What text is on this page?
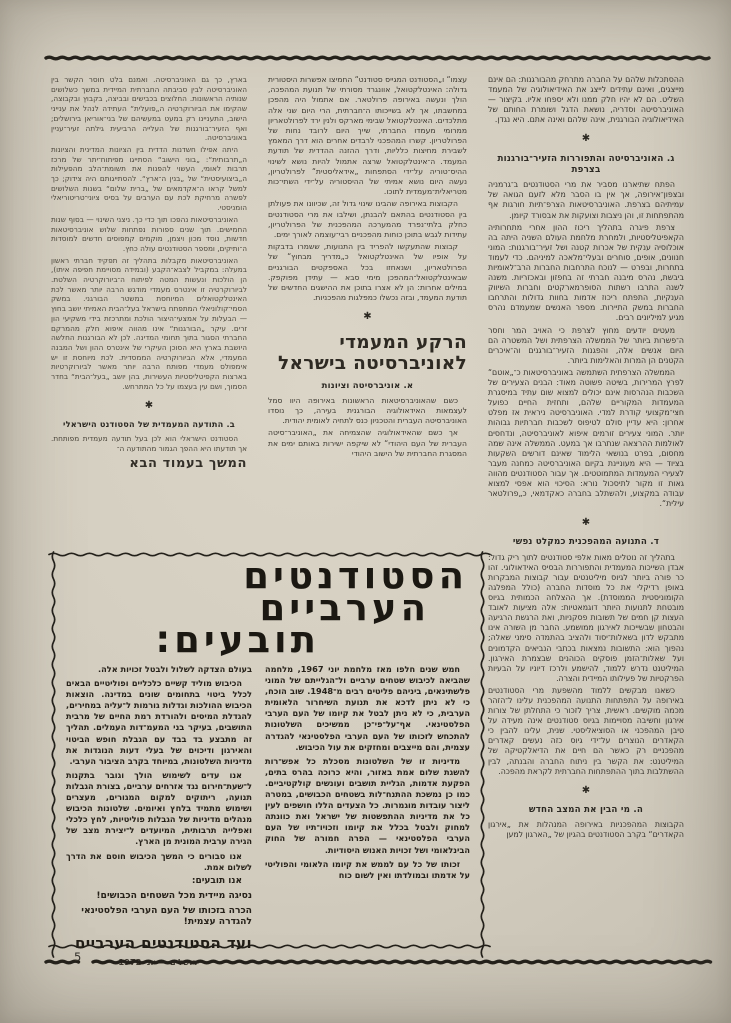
ההסתכלות שלהם על החברה מתרחק מהבורגנות: הם אינם מייצגים, ואינם עתידים לייצג את האידיאולוגיה של המעמד השליט. הם לא יהיו חלק ממנו ולא יספחו אליו. בקיצור — האוניברסיטה וסדריה, נושאת הדגל ושומרת החותם של האידיאולוגיה הבורגנית, אינה שלהם ואינה אתם. היא נגדן.

✱
ג. האוניברסיטה והתפוררות הזעיר־בורגנות בצרפת

הפתח שתיארנו מסביר את מרי הסטודנטים ב־גרמניה ובצפון־אירופה, אך אין בו הסבר מלא לזעם הגואה של עמיתיהם בצרפת. האוניברסיטאות הצרפ־תיות חורגות אף מהתפתחות זו, והן ניצבות וצועקות את אבסורד קיומן.

צרפת פיגרה בתהליך ריכוז ההון אחרי מתחרותיה הקאפיטליסטיות, ולמחרת מלחמת העולם השניה היתה בה אוכלוסיה ענקית של אכרות קטנה ושל זעיר־בורגנות: המוני חנוונים, אופים, סוחרים ובעלי־מלאכה למיניהם. כדי לעמוד בתחרות, ובפרט — לנוכח התרחבות החברות הרב־לאומיות ביבשת, נהרס מיבנה חברתי זה בחפזון ובאכזריות. משנה לשנה התרבו רשתות הסופרמארקטים וחברות השיווק הענקיות, התפתח ריכוז אדמות בחוות גדולות והתרחבו החברות במשק התיירות. מספר האנשים שמעמדם נהרס מגיע למיליונים רבים.

מעטים יודעים מחוץ לצרפת כי האויב המר וחסר ה־פשרות ביותר של הממשלה הצרפתית ושל המשטרה הם היום אנשים אלה, והפגנות הזעיר־בורגנים וה־איכרים הקטנים הן המרות והאלימות ביותר.

הממשלה הצרפתית השתמשה באוניברסיטאות כ־„אוטם“ לפרץ המרירות, בשיטה פשוטה מאוד: הבנים הצעירים של השכבות הנהרסות אינם יכולים למצוא שום עתיד במיסגרת המעמדות המקוריים שלהם, ותחזית החיים כפועל חצי־מקצועי קודרת למדי. האוניברסיטה ניראית אז מפלט אחרון: היא עדיין סולם לטיפוס לשכבות חברתיות גבוהות יותר. המוני צעירים זורמים איפוא לאוניברסיטה, ונדחסים לאולמות ההרצאה שנתרבו אך במעט. הממשלה אינה שמה מחסום, בפרט בנושאי הלימוד שאינם דורשים השקעות בציוד — היא מעוניינת בקיום האוניברסיטה כמחנה מעבר לצעירי המעמדות המתמוטטים. אך עבור הסטודנטים מהווה גאות זו מקור לתיסכול נורא: הסיכוי הוא אפסי למצוא עבודה במקצוע, ולהשתלב בחברה כאקדמאי, כ„פרולטאר עילית“.

✱
ד. התנועה המהפכנית כמקלט נפשי

בתהליך זה נוטלים מאות אלפי סטודנטים לתוך ריק גדול: אבדן השייכות המעמדית והתפוררות הבסיס האידאולוגי. זהו כר פורה ביותר לגיוס מיליטנטים עבור קבוצות המבקרות באופן רדיקלי את כל מוסדות החברה (כולל המפלגה הקומוניסטית הממוסדת). אך ההצלחה הכמותית בגיוס מובטחת לתנועות היותר דוגמאטיות: אלה מציעות לאובד העצות קן חמים של תשובות פסקניות, ואת הרגשת הרגיעה והבטחון שבשייכות לאירגון ממושמע. החבר מן השורה אינו מתבקש לדון בשאלות־יסוד ולהציב בהתמדה סימני שאלה; נהפוך הוא: התשובות נמצאות בכתבי הנביאים הקדמונים ועל שאלות־הזמן פוסקים הכוהנים שבצמרת האירגון. המיליטנט נדרש ללמוד, להישמע ולרכז דיוניו על הבעיות הפרקטיות של פעילותו המיידית והצרה.

כשאנו מבקשים ללמוד מהשפעת מרי הסטודנטים באירופה על התפתחות התנועה המהפכנית עלינו ל־הזהר מכמה מוקשים. ראשית, צריך לזכור כי התחלתן של צורות אירגון וחשיבה מסויימות בגיוס סטודנטים אינה מעידה על טיבן המהפכני או הסוציאליסטי. שנית, עלינו להבין כי הקאדרים הנוצרים על־ידי גיוס כזה נעשים קאדרים מהפכניים רק כאשר הם חיים את הדיאלקטיקה של המיליטנט: את הקשר בין ניתוח החברה והבנתה, לבין ההשתלבות בתוך ההתפתחות החברתית לקראת מהפכה.

✱
ה. מי הבין את המצב החדש

הקבוצות המהפכניות באירופה המנהלות את „אירגון הקאדרים“ בקרב הסטודנטים בהגיון של „הארגון למען

עצמו“ ו„הסטודנט המגייס סטודנט“ החמיצו אפשרות היסטורית גדולה: האינטלקטואל, אוונגרד מסורתי של תנועת המהפכה, הולך ונעשה באירופה פרולטאר. אם אתמול היה מהפכן במחשבתו, אך לא בשייכותו ה־חברתית, הרי היום שני אלה מתלכדים. האינטלקטואל שבימי מארקס ולנין ירד לפרולטאריון ממרומי מעמדו החברתי, שייך היום לרובד נחות של הפרולטריון. קשרו המהפכני לרבדים אחרים הוא דרך המאמץ לשבירת מחיצות כלליות, ודרך ההזנה ההדדית של תודעת המעמד. ה־אינטלקטואל שרצה אתמול להיות נושא לשינוי ההיס־טוריה על־ידי הסתפחות „אידאליסטית“ לפרולטריון, נעשה היום נושא אמיתי של ההיסטוריה על־ידי השתי־כות מטריאלית־מעמדית לתוכו.

הקבוצות באירופה שהבינו שינוי גדול זה, שכיוונו את פעולתן בין הסטודנטים בהתאם להבנתן, ושילבו את מרי הסטודנטים כחלק בלתי־נפרד מהמערכה המהפכנית של הפרולטריון, עתידות לגבש בתוכן כוחות מהפכניים רבי־עוצמה לאורך ימים.

קבוצות שהתעקשו להפריד בין התנועות, ששמרו בדבקות על אופיו של האינטלקטואל כ„מדריך מבחוץ“ של הפרולטאריון, ושנאחזו בכל האספקטים הבורגניים שבאינטלקטואל־המהפכן מימי סבא — עתידן מפוקפק. במילים אחרות: הן לא אצרו בתוכן את ההישגים החדשים של תודעת המעמד, ובזה נכשלו כמפלגות מהפכניות.

✱
הרקע המעמדי
לאוניברסיטה בישראל
א. אוניברסיטה וציונות

כשם שהאוניברסיטאות הראשונות באירופה היוו סמל לעצמאות האידאולוגיה הבורגנית בעירה, כך נוסדו האוניברסיטה העברית והטכניון כנס לתחיה לאומית יהודית.

אך כשם שהאידאולוגיה שהצמיחה את „האוניבר־סיטה העברית של העם היהודי“ לא שיקפה ישירות באותם ימים את המסגרת החברתית של הישוב היהודי

בארץ, כך גם האוניברסיטה. ואמנם בלט חוסר הקשר בין האוניברסיטה לבין סביבתה החברתית המיידית במשך כשלושים שנותיה הראשונות. החלוצים בכבישים ובביצה, בקבוץ ובקבוצה, שהקימו את הביורוקרטיה ה„פועלית“ העתידה לנהל את ענייני הישוב, התעניינו רק במעט במעשיהם של בני־אוריאן בירושלים; ואף הזעיר־בורגנות של העלייה הרביעית גילתה זעיר־עניין באוניברסיטה.

היתה אפילו חשדנות הדדית בין הציונות המדינית והציונות ה„תרבותית“: „בוני הישוב“ הסתייגו מפיתוח־יתר של מרכז תרבות לאומי, העשוי להפנות את תשומת־הלב מהפעילות ה„ביצועיסטית“ של „בנין ה־ארץ“. להסתייגותם היה צידוק; כך למשל קראו ה־אקדמאים של „ברית שלום“ בשנות השלושים לפשרה מרחיקת לכת עם הערבים על בסיס ציוני־טריטוריאלי הומניסטי.

האוניברסיטאות נהפכו תוך כדי כך. ניצני השינוי — בסוף שנות החמישים. תוך שנים ספורות נפתחות שלוש אוניברסיטאות חדשות, נוסד מכון ויצמן, מוקמים קמפוסים חדשים למוסדות ה־ותיקים, ומספר הסטודנטים עולה כחץ.

האוניברסיטאות מקבלות בתהליך זה תפקיד חברתי ראשון במעלה: במקביל לצבא־הקבע (ובמידה מסויימת חפיפה איתו), הן הולכות ונעשות המטה לפיתוח ה־ביורוקרטיה השלטת. לביורוקרטיה זו אינטרס מעמדי מודגש הרבה יותר מאשר לכת האינטלקטואלים המיוחסת במשטר הבורגני. במשק הסמי־קולוניאלי המתפתח בישראל בעל־הבית האמיתי יושב בחוץ — הבעלות על אמצעי־היצור הולכת ומתרכזת בידי משקיעי הון זרים. עיקר „הבורגנות“ אינו מהווה איפוא חלק מהמרקם החברתי הסגור בתוך תחומי המדינה. לכן לא הבורגנות החלשה היושבת בארץ היא הסוכן העיקרי של אינטרס ההון ושל המבנה המעמדי, אלא הביורוקרטיה הממסדית. לכת מיוחסת זו יש אימפולס מעמדי מפותח הרבה יותר מאשר לביורוקרטיות בארצות הקפיטליסטיות העשירות, בהן יושב „בעל־הבית“ בחדר הסמוך, ושם עין בעצמו על כל המתרחש.

✱
ב. התודעה המעמדית של הסטודנט הישראלי

הסטודנט הישראלי הוא לכן בעל תודעה מעמדית מפותחת. אך תודעתו היא ההפך הגמור מהתודעה ה־

המשך בעמוד הבא
הסטודנטים
הערביים
תובעים:

חמש שנים חלפו מאז מלחמת יוני 1967, מלחמה שהביאה לכיבוש שטחים ערביים ול־הגלייתם של המוני פלשתינאים, ביניהם פליטים רבים מ־1948. שוב הוכח, כי לא ניתן לדכא את תנועת השיחרור הלאומית הערבית, כי לא ניתן לבטל את קיומו של העם הערבי הפלסטינאי. אף־על־פי־כן ממשיכים השלטונות להתכחש לזכותו של העם הערבי הפלסטינאי להגדרה עצמית, והם מייצבים ומחזקים את עול הכיבוש.

מדיניות זו של השלטונות מסכלת כל אפש־רות להשגת שלום אמת באזור, והיא כרוכה בהרס בתים, הפקעת אדמות, הגליית תושבים ועונשים קולקטיביים. כמו כן נמשכת ההתנח־לות בשטחים הכבושים, במטרה ליצור עובדות מוגמרות. כל הצעדים הללו חושפים לעין כל את מדיניות ההתפשטות של ישראל ואת כוונתה למחוק ולבטל בכלל את קיומו וזכויו־תיו של העם הערבי הפלסטינאי — הפרה חמורה של החוק הבינלאומי ושל זכויות האנוש היסודיות.

זכותו של כל עם לממש את קיומו הלאומי והפוליטי על אדמתו ובמולדתו ואין לשום כוח

בעולם הצדקה לשלול ולבטל זכויות אלה.

הכיבוש מוליד קשיים כלכליים ופוליטיים הבאים לכלל ביטוי בתחומים שונים במדינה. הוצאות הכיבוש ההולכות וגדלות גורמות ל־עליה במחירים, להגדלת המיסים ולהורדת רמת החיים של מרבית התושבים, בעיקר בני המעמ־דות העמלים. תהליך זה מתבצע בד בבד עם הגבלת חופש הביטוי והאירגון ודיכוים של בעלי דעות הנוגדות את מדיניות השלטונות, במיוחד בקרב הציבור הערבי.

אנו עדים לשימוש הולך וגובר בתקנות ל־שעת־חירום נגד אזרחים ערביים, בצורת הגבלות תנועה, ריתוקים למקום המגורים, מעצרים ושימוש מתמיד בלחץ ואיומים. שלטונות הכיבוש מנהלים מדיניות של הגבלות פוליטיות, לחץ כלכלי ואפלייה תרבותית, המיועדים ל־יצירת מצב של הגירה ערבית המונית מן הארץ.

אנו סבורים כי המשך הכיבוש חוסם את הדרך לשלום אמת.

אנו תובעים:

נסיגה מיידית מכל השטחים הכבושים!

הכרה בזכותו של העם הערבי הפלסטינאי להגדרה עצמית!

ועד הסטודנטים הערביים
ירושלים — יוני 1972
5
